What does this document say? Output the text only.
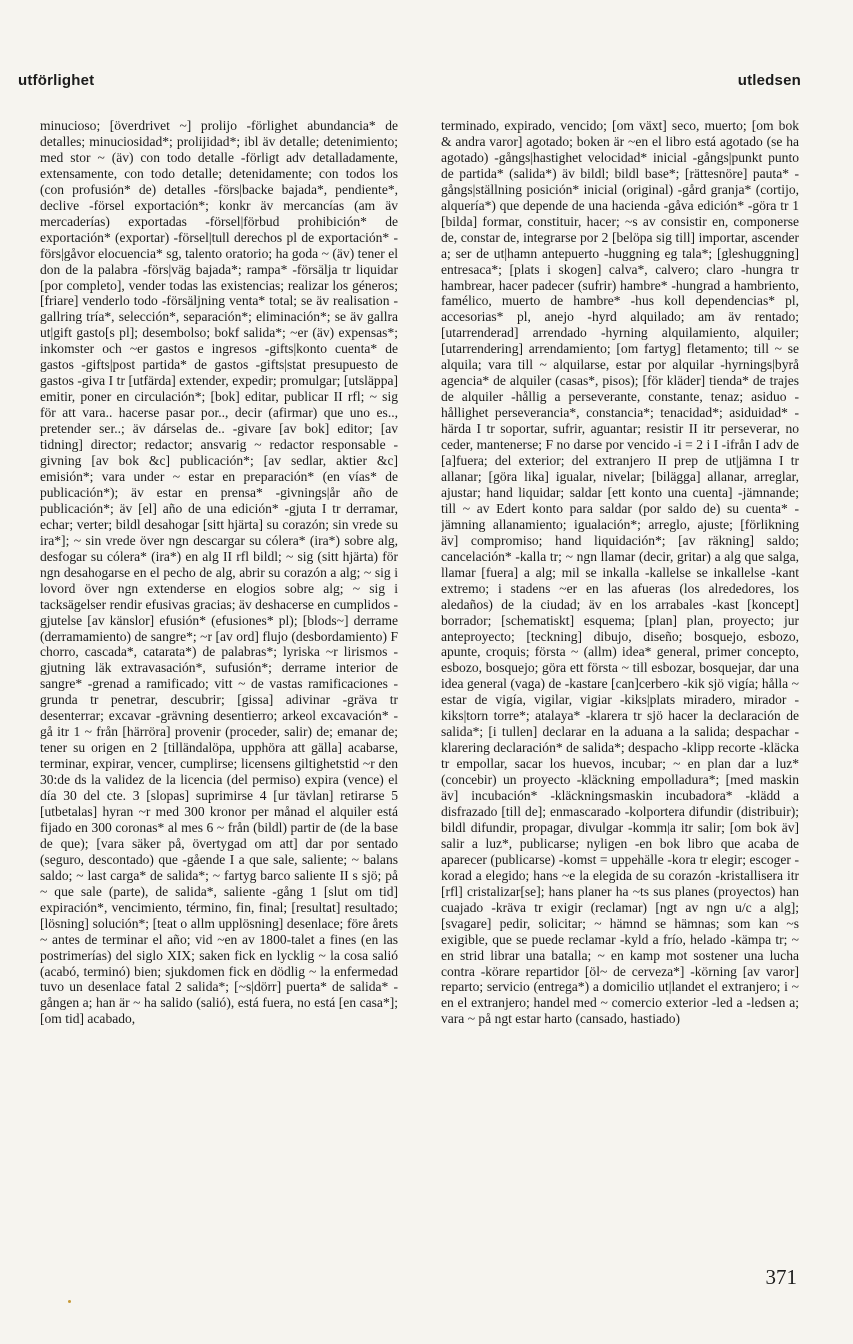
utförlighet	utledsen

minucioso; [överdrivet ~] prolijo -förlighet abundancia* de detalles; minuciosidad*; prolijidad*; ibl äv detalle; detenimiento; med stor ~ (äv) con todo detalle -förligt adv detalladamente, extensamente, con todo detalle; detenidamente; con todos los (con profusión* de) detalles -förs|backe bajada*, pendiente*, declive -försel exportación*; konkr äv mercancías (am äv mercaderías) exportadas -försel|förbud prohibición* de exportación* (exportar) -försel|tull derechos pl de exportación* -förs|gåvor elocuencia* sg, talento oratorio; ha goda ~ (äv) tener el don de la palabra -förs|väg bajada*; rampa* -försälja tr liquidar [por completo], vender todas las existencias; realizar los géneros; [friare] venderlo todo -försäljning venta* total; se äv realisation -gallring tría*, selección*, separación*; eliminación*; se äv gallra ut|gift gasto[s pl]; desembolso; bokf salida*; ~er (äv) expensas*; inkomster och ~er gastos e ingresos -gifts|konto cuenta* de gastos -gifts|post partida* de gastos -gifts|stat presupuesto de gastos -giva I tr [utfärda] extender, expedir; promulgar; [utsläppa] emitir, poner en circulación*; [bok] editar, publicar II rfl; ~ sig för att vara.. hacerse pasar por.., decir (afirmar) que uno es.., pretender ser..; äv dárselas de.. -givare [av bok] editor; [av tidning] director; redactor; ansvarig ~ redactor responsable -givning [av bok &c] publicación*; [av sedlar, aktier &c] emisión*; vara under ~ estar en preparación* (en vías* de publicación*); äv estar en prensa* -givnings|år año de publicación*; äv [el] año de una edición* -gjuta I tr derramar, echar; verter; bildl desahogar [sitt hjärta] su corazón; sin vrede su ira*]; ~ sin vrede över ngn descargar su cólera* (ira*) sobre alg, desfogar su cólera* (ira*) en alg II rfl bildl; ~ sig (sitt hjärta) för ngn desahogarse en el pecho de alg, abrir su corazón a alg; ~ sig i lovord över ngn extenderse en elogios sobre alg; ~ sig i tacksägelser rendir efusivas gracias; äv deshacerse en cumplidos -gjutelse [av känslor] efusión* (efusiones* pl); [blods~] derrame (derramamiento) de sangre*; ~r [av ord] flujo (desbordamiento) F chorro, cascada*, catarata*) de palabras*; lyriska ~r lirismos -gjutning läk extravasación*, sufusión*; derrame interior de sangre* -grenad a ramificado; vitt ~ de vastas ramificaciones -grunda tr penetrar, descubrir; [gissa] adivinar -gräva tr desenterrar; excavar -grävning desentierro; arkeol excavación* -gå itr 1 ~ från [härröra] provenir (proceder, salir) de; emanar de; tener su origen en 2 [tilländalöpa, upphöra att gälla] acabarse, terminar, expirar, vencer, cumplirse; licensens giltighetstid ~r den 30:de ds la validez de la licencia (del permiso) expira (vence) el día 30 del cte. 3 [slopas] suprimirse 4 [ur tävlan] retirarse 5 [utbetalas] hyran ~r med 300 kronor per månad el alquiler está fijado en 300 coronas* al mes 6 ~ från (bildl) partir de (de la base de que); [vara säker på, övertygad om att] dar por sentado (seguro, descontado) que -gående I a que sale, saliente; ~ balans saldo; ~ last carga* de salida*; ~ fartyg barco saliente II s sjö; på ~ que sale (parte), de salida*, saliente -gång 1 [slut om tid] expiración*, vencimiento, término, fin, final; [resultat] resultado; [lösning] solución*; [teat o allm upplösning] desenlace; före årets ~ antes de terminar el año; vid ~en av 1800-talet a fines (en las postrimerías) del siglo XIX; saken fick en lycklig ~ la cosa salió (acabó, terminó) bien; sjukdomen fick en dödlig ~ la enfermedad tuvo un desenlace fatal 2 salida*; [~s|dörr] puerta* de salida* -gången a; han är ~ ha salido (salió), está fuera, no está [en casa*]; [om tid] acabado,

terminado, expirado, vencido; [om växt] seco, muerto; [om bok & andra varor] agotado; boken är ~en el libro está agotado (se ha agotado) -gångs|hastighet velocidad* inicial -gångs|punkt punto de partida* (salida*) äv bildl; bildl base*; [rättesnöre] pauta* -gångs|ställning posición* inicial (original) -gård granja* (cortijo, alquería*) que depende de una hacienda -gåva edición* -göra tr 1 [bilda] formar, constituir, hacer; ~s av consistir en, componerse de, constar de, integrarse por 2 [belöpa sig till] importar, ascender a; ser de ut|hamn antepuerto -huggning eg tala*; [gleshuggning] entresaca*; [plats i skogen] calva*, calvero; claro -hungra tr hambrear, hacer padecer (sufrir) hambre* -hungrad a hambriento, famélico, muerto de hambre* -hus koll dependencias* pl, accesorias* pl, anejo -hyrd alquilado; am äv rentado; [utarrenderad] arrendado -hyrning alquilamiento, alquiler; [utarrendering] arrendamiento; [om fartyg] fletamento; till ~ se alquila; vara till ~ alquilarse, estar por alquilar -hyrnings|byrå agencia* de alquiler (casas*, pisos); [för kläder] tienda* de trajes de alquiler -hållig a perseverante, constante, tenaz; asiduo -hållighet perseverancia*, constancia*; tenacidad*; asiduidad* -härda I tr soportar, sufrir, aguantar; resistir II itr perseverar, no ceder, mantenerse; F no darse por vencido -i = 2 i I -ifrån I adv de [a]fuera; del exterior; del extranjero II prep de ut|jämna I tr allanar; [göra lika] igualar, nivelar; [bilägga] allanar, arreglar, ajustar; hand liquidar; saldar [ett konto una cuenta] -jämnande; till ~ av Edert konto para saldar (por saldo de) su cuenta* -jämning allanamiento; igualación*; arreglo, ajuste; [förlikning äv] compromiso; hand liquidación*; [av räkning] saldo; cancelación* -kalla tr; ~ ngn llamar (decir, gritar) a alg que salga, llamar [fuera] a alg; mil se inkalla -kallelse se inkallelse -kant extremo; i stadens ~er en las afueras (los alrededores, los aledaños) de la ciudad; äv en los arrabales -kast [koncept] borrador; [schematiskt] esquema; [plan] plan, proyecto; jur anteproyecto; [teckning] dibujo, diseño; bosquejo, esbozo, apunte, croquis; första ~ (allm) idea* general, primer concepto, esbozo, bosquejo; göra ett första ~ till esbozar, bosquejar, dar una idea general (vaga) de -kastare [can]cerbero -kik sjö vigía; hålla ~ estar de vigía, vigilar, vigiar -kiks|plats miradero, mirador -kiks|torn torre*; atalaya* -klarera tr sjö hacer la declaración de salida*; [i tullen] declarar en la aduana a la salida; despachar -klarering declaración* de salida*; despacho -klipp recorte -kläcka tr empollar, sacar los huevos, incubar; ~ en plan dar a luz* (concebir) un proyecto -kläckning empolladura*; [med maskin äv] incubación* -kläckningsmaskin incubadora* -klädd a disfrazado [till de]; enmascarado -kolportera difundir (distribuir); bildl difundir, propagar, divulgar -komm|a itr salir; [om bok äv] salir a luz*, publicarse; nyligen -en bok libro que acaba de aparecer (publicarse) -komst = uppehälle -kora tr elegir; escoger -korad a elegido; hans ~e la elegida de su corazón -kristallisera itr [rfl] cristalizar[se]; hans planer ha ~ts sus planes (proyectos) han cuajado -kräva tr exigir (reclamar) [ngt av ngn u/c a alg]; [svagare] pedir, solicitar; ~ hämnd se hämnas; som kan ~s exigible, que se puede reclamar -kyld a frío, helado -kämpa tr; ~ en strid librar una batalla; ~ en kamp mot sostener una lucha contra -körare repartidor [öl~ de cerveza*] -körning [av varor] reparto; servicio (entrega*) a domicilio ut|landet el extranjero; i ~ en el extranjero; handel med ~ comercio exterior -led a -ledsen a; vara ~ på ngt estar harto (cansado, hastiado)

371
